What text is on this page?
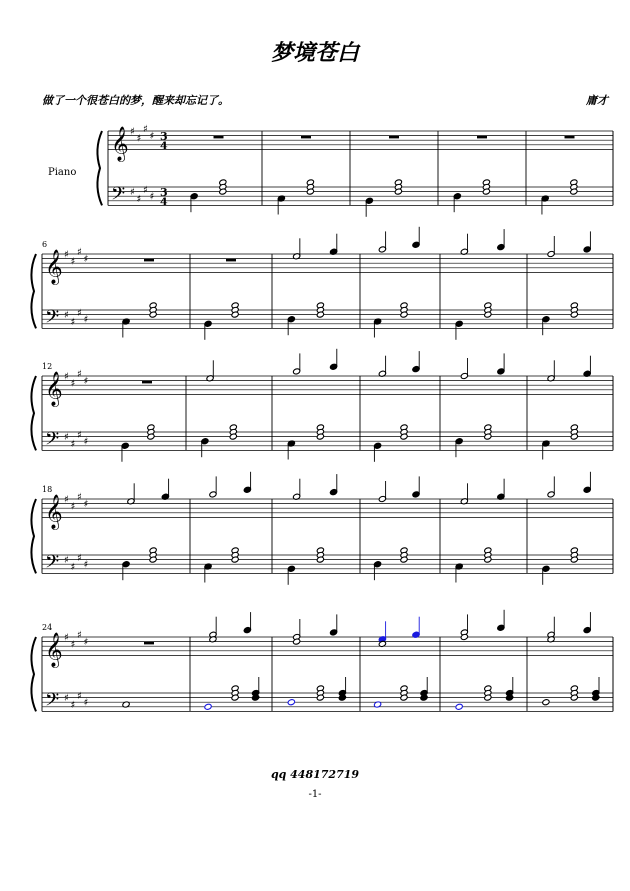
梦境苍白
做了一个很苍白的梦，醒来却忘记了。	庸才
𝄞
𝄢
♯
♯
♯
♯
♯
♯
♯
♯
3
4
3
4
Piano
𝄞
𝄢
♯
♯
♯
♯
♯
♯
♯
♯
6
𝄞
𝄢
♯
♯
♯
♯
♯
♯
♯
♯
12
𝄞
𝄢
♯
♯
♯
♯
♯
♯
♯
♯
18
𝄞
𝄢
♯
♯
♯
♯
♯
♯
♯
♯
24
qq 448172719
-1-
